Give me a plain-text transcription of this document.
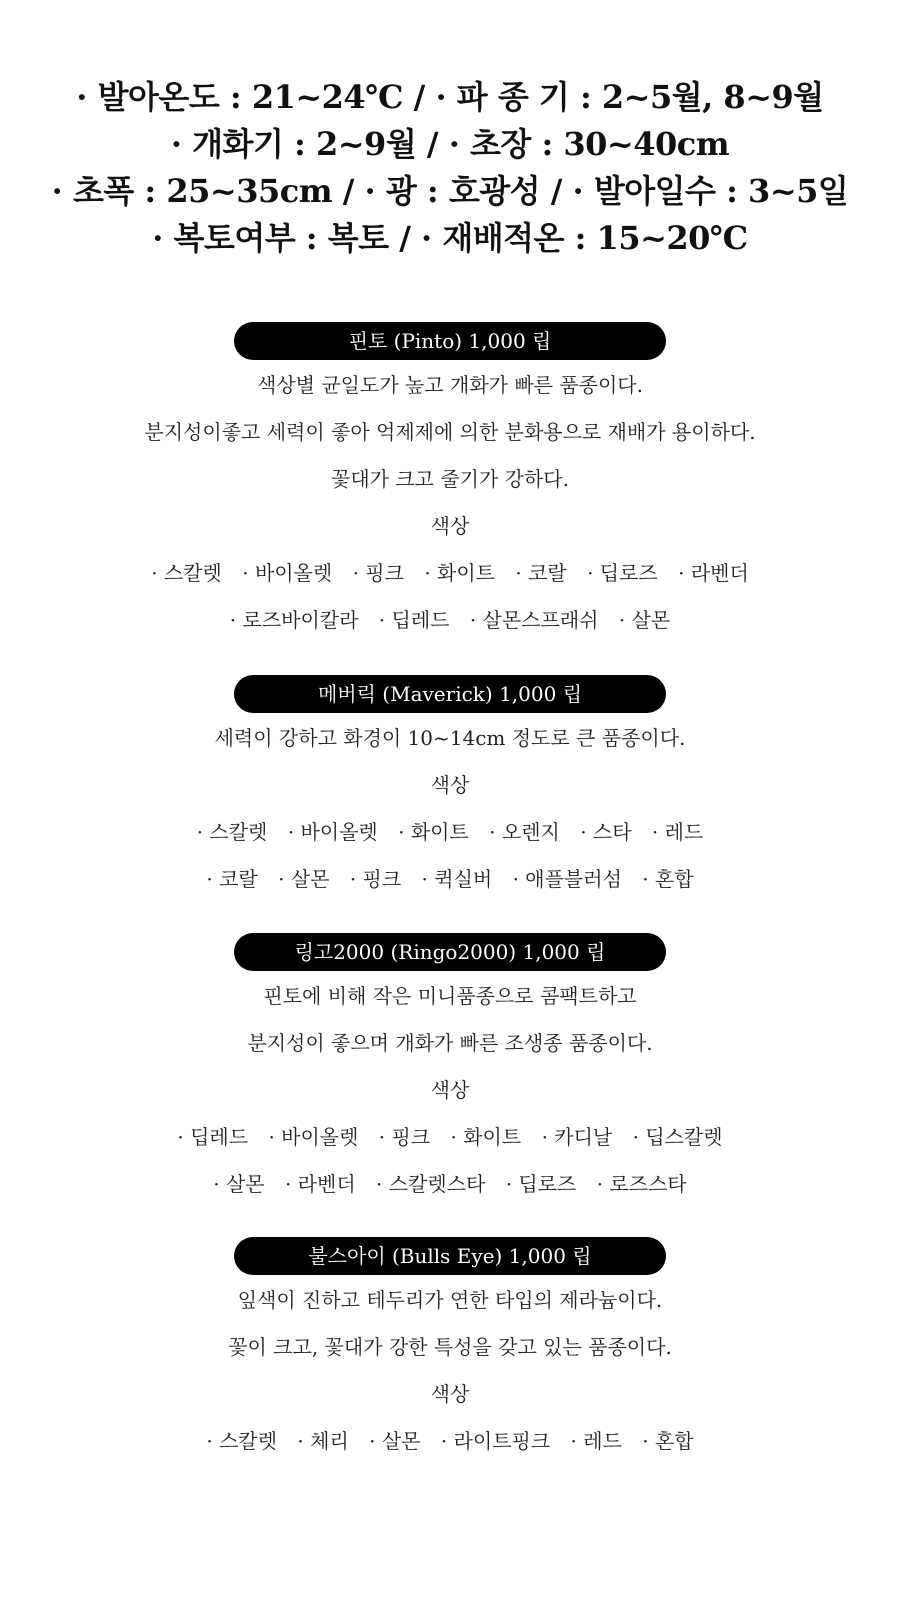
· 발아온도 : 21~24℃ / · 파 종 기 : 2~5월, 8~9월
· 개화기 : 2~9월 / · 초장 : 30~40cm
· 초폭 : 25~35cm / · 광 : 호광성 / · 발아일수 : 3~5일
· 복토여부 : 복토 / · 재배적온 : 15~20℃
핀토 (Pinto) 1,000 립
색상별 균일도가 높고 개화가 빠른 품종이다.
분지성이좋고 세력이 좋아 억제제에 의한 분화용으로 재배가 용이하다.
꽃대가 크고 줄기가 강하다.
색상
· 스칼렛 · 바이올렛 · 핑크 · 화이트 · 코랄 · 딥로즈 · 라벤더
· 로즈바이칼라 · 딥레드 · 살몬스프래쉬 · 살몬
메버릭 (Maverick) 1,000 립
세력이 강하고 화경이 10~14cm 정도로 큰 품종이다.
색상
· 스칼렛 · 바이올렛 · 화이트 · 오렌지 · 스타 · 레드
· 코랄 · 살몬 · 핑크 · 퀵실버 · 애플블러섬 · 혼합
링고2000 (Ringo2000) 1,000 립
핀토에 비해 작은 미니품종으로 콤팩트하고
분지성이 좋으며 개화가 빠른 조생종 품종이다.
색상
· 딥레드 · 바이올렛 · 핑크 · 화이트 · 카디날 · 딥스칼렛
· 살몬 · 라벤더 · 스칼렛스타 · 딥로즈 · 로즈스타
불스아이 (Bulls Eye) 1,000 립
잎색이 진하고 테두리가 연한 타입의 제라늄이다.
꽃이 크고, 꽃대가 강한 특성을 갖고 있는 품종이다.
색상
· 스칼렛 · 체리 · 살몬 · 라이트핑크 · 레드 · 혼합
